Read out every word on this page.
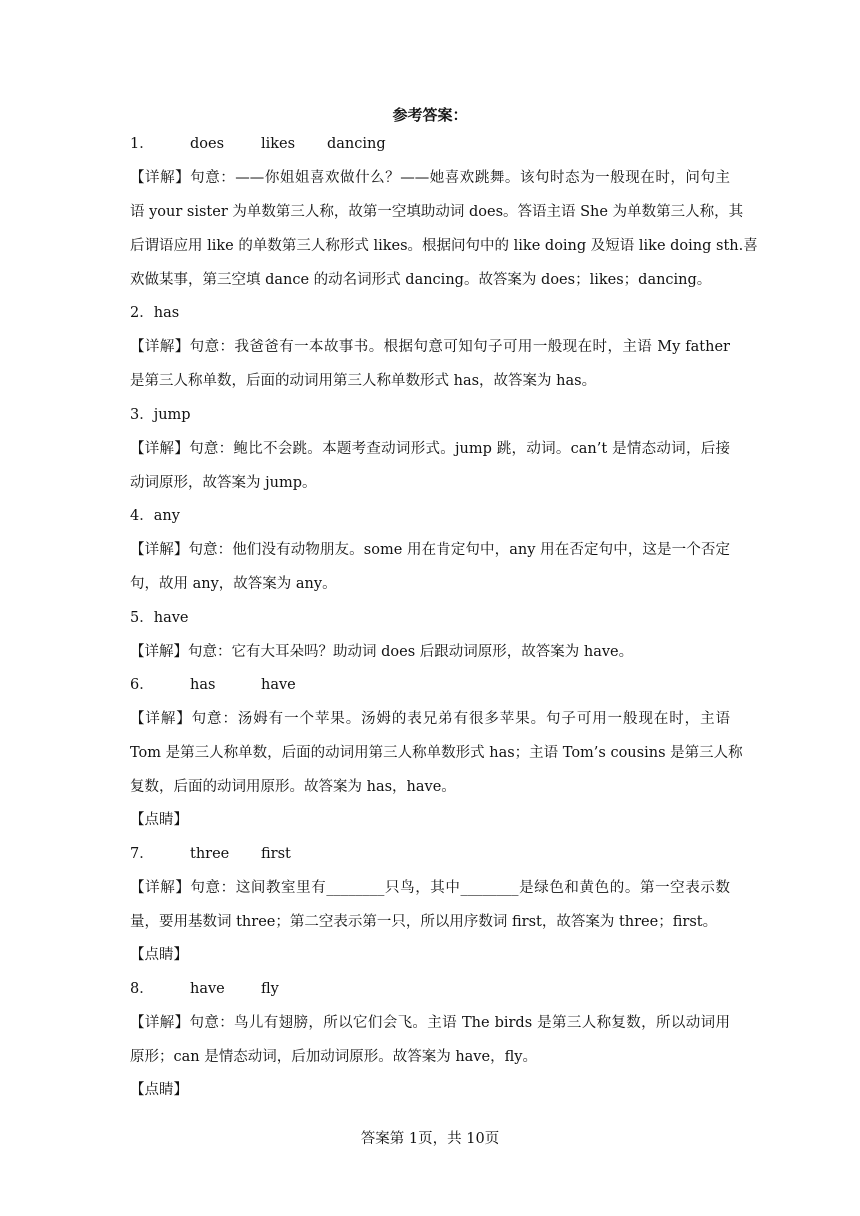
参考答案：
1．	does	likes dancing
【详解】句意：——你姐姐喜欢做什么？——她喜欢跳舞。该句时态为一般现在时，问句主
语 your sister 为单数第三人称，故第一空填助动词 does。答语主语 She 为单数第三人称，其
后谓语应用 like 的单数第三人称形式 likes。根据问句中的 like doing 及短语 like doing sth.喜
欢做某事，第三空填 dance 的动名词形式 dancing。故答案为 does；likes；dancing。
2．has
【详解】句意：我爸爸有一本故事书。根据句意可知句子可用一般现在时，主语 My father
是第三人称单数，后面的动词用第三人称单数形式 has，故答案为 has。
3．jump
【详解】句意：鲍比不会跳。本题考查动词形式。jump 跳，动词。can’t 是情态动词，后接
动词原形，故答案为 jump。
4．any
【详解】句意：他们没有动物朋友。some 用在肯定句中，any 用在否定句中，这是一个否定
句，故用 any，故答案为 any。
5．have
【详解】句意：它有大耳朵吗？助动词 does 后跟动词原形，故答案为 have。
6．	has	have
【详解】句意：汤姆有一个苹果。汤姆的表兄弟有很多苹果。句子可用一般现在时，主语
Tom 是第三人称单数，后面的动词用第三人称单数形式 has；主语 Tom’s cousins 是第三人称
复数，后面的动词用原形。故答案为 has，have。
【点睛】
7．	three first
【详解】句意：这间教室里有________只鸟，其中________是绿色和黄色的。第一空表示数
量，要用基数词 three；第二空表示第一只，所以用序数词 first，故答案为 three；first。
【点睛】
8．	have fly
【详解】句意：鸟儿有翅膀，所以它们会飞。主语 The birds 是第三人称复数，所以动词用
原形；can 是情态动词，后加动词原形。故答案为 have，fly。
【点睛】
答案第 1页，共 10页
